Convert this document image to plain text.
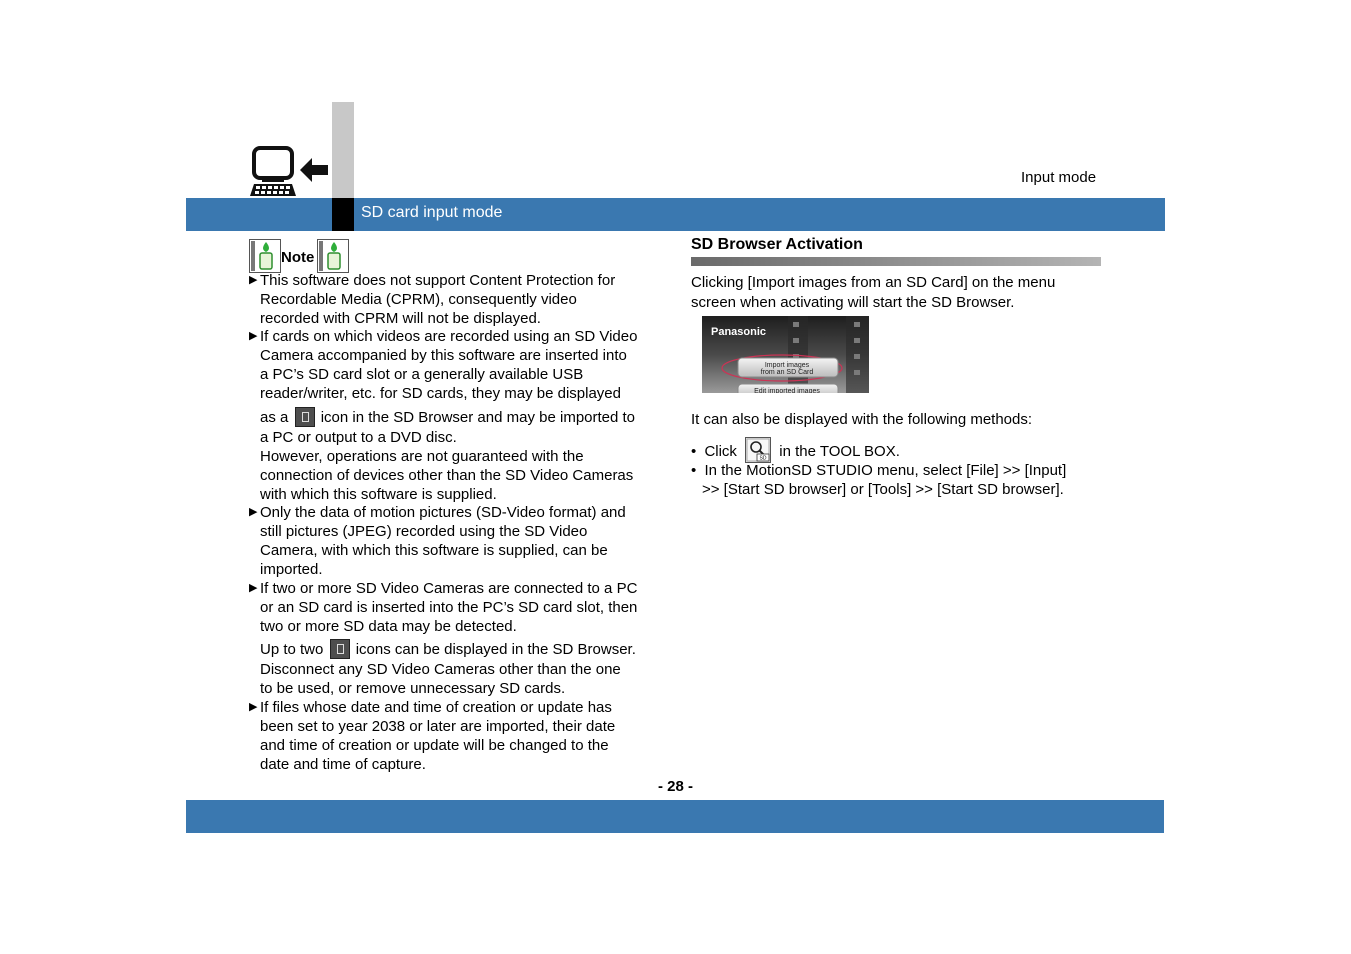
SD card input mode
Input mode
Note
▶ This software does not support Content Protection for
Recordable Media (CPRM), consequently video
recorded with CPRM will not be displayed.
▶ If cards on which videos are recorded using an SD Video
Camera accompanied by this software are inserted into
a PC’s SD card slot or a generally available USB
reader/writer, etc. for SD cards, they may be displayed
as a icon in the SD Browser and may be imported to
a PC or output to a DVD disc.
However, operations are not guaranteed with the
connection of devices other than the SD Video Cameras
with which this software is supplied.
▶ Only the data of motion pictures (SD-Video format) and
still pictures (JPEG) recorded using the SD Video
Camera, with which this software is supplied, can be
imported.
▶ If two or more SD Video Cameras are connected to a PC
or an SD card is inserted into the PC’s SD card slot, then
two or more SD data may be detected.
Up to two icons can be displayed in the SD Browser.
Disconnect any SD Video Cameras other than the one
to be used, or remove unnecessary SD cards.
▶ If files whose date and time of creation or update has
been set to year 2038 or later are imported, their date
and time of creation or update will be changed to the
date and time of capture.
SD Browser Activation
Clicking [Import images from an SD Card] on the menu
screen when activating will start the SD Browser.
Panasonic
Import images
from an SD Card
Edit imported images
It can also be displayed with the following methods:
• Click	SD in the TOOL BOX.
• In the MotionSD STUDIO menu, select [File] >> [Input]
>> [Start SD browser] or [Tools] >> [Start SD browser].
- 28 -
